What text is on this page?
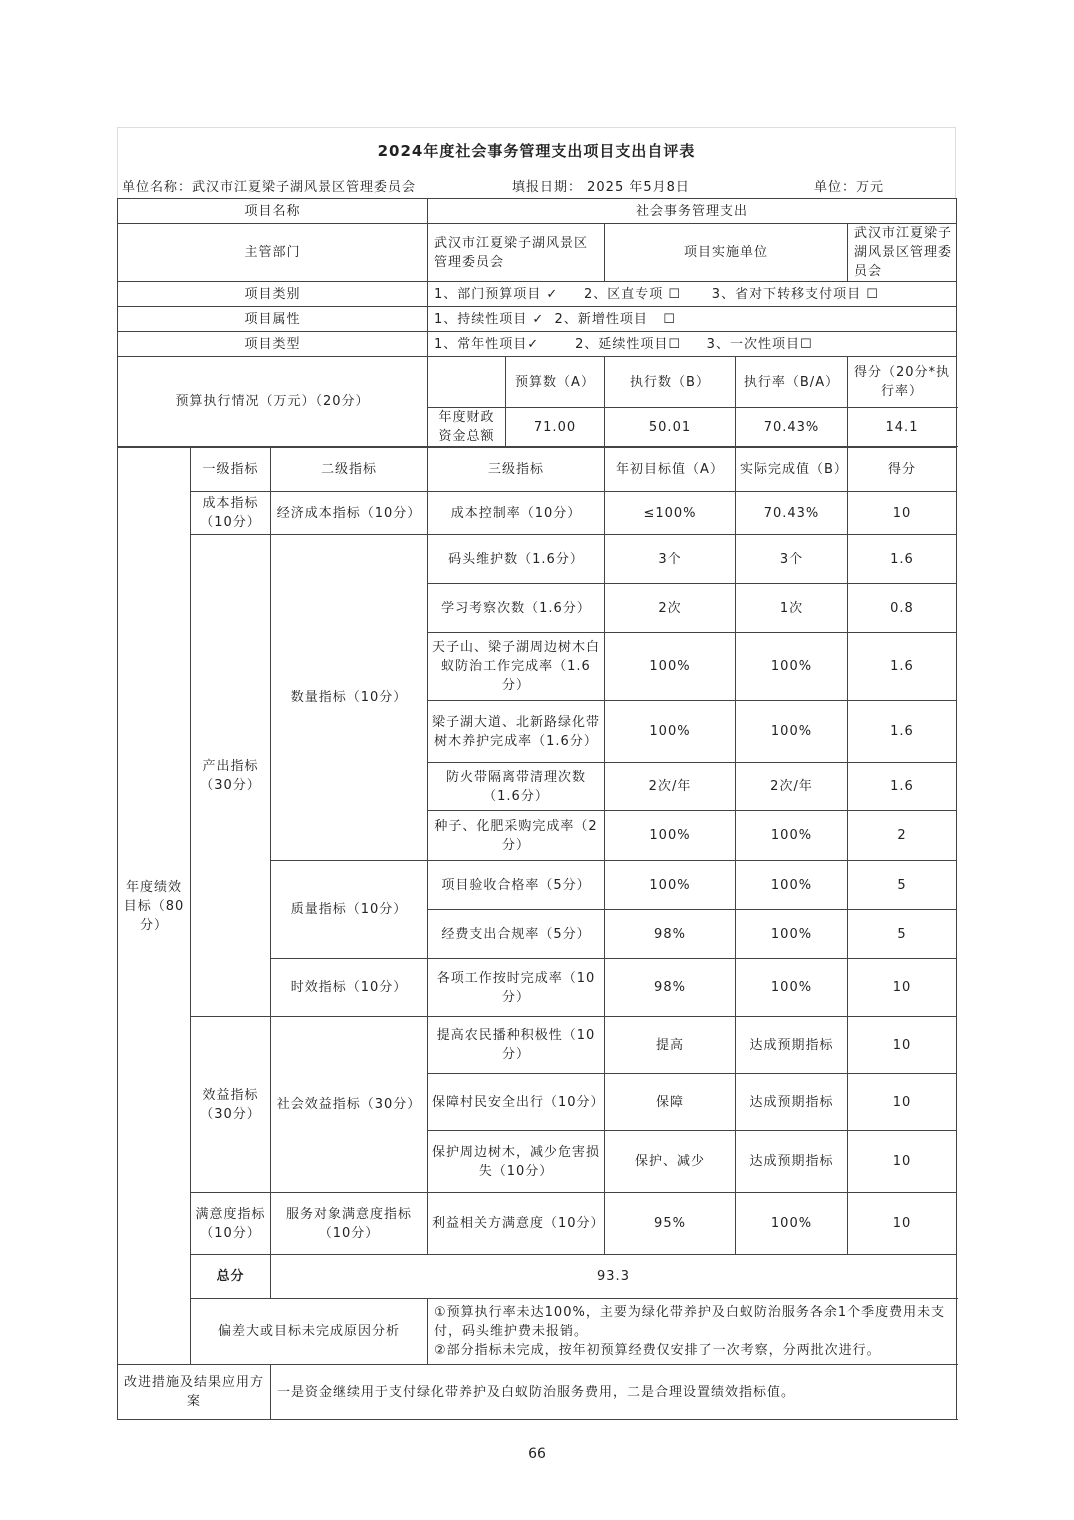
2024年度社会事务管理支出项目支出自评表
单位名称：武汉市江夏梁子湖风景区管理委员会	填报日期： 2025 年5月8日	单位：万元
项目名称	社会事务管理支出				
主管部门	武汉市江夏梁子湖风景区管理委员会		项目实施单位		武汉市江夏梁子湖风景区管理委员会
项目类别	1、部门预算项目 ✓     2、区直专项 ☐      3、省对下转移支付项目 ☐				
项目属性	1、持续性项目 ✓  2、新增性项目   ☐				
项目类型	1、常年性项目✓       2、延续性项目☐     3、一次性项目☐				
预算执行情况（万元）（20分）		预算数（A）	执行数（B）	执行率（B/A）	得分（20分*执行率）
	年度财政资金总额	71.00	50.01	70.43%	14.1
年度绩效目标（80分）	一级指标	二级指标	三级指标	年初目标值（A）	实际完成值（B）	得分
	成本指标（10分）	经济成本指标（10分）	成本控制率（10分）	≤100%	70.43%	10
	产出指标（30分）	数量指标（10分）	码头维护数（1.6分）	3个	3个	1.6
			学习考察次数（1.6分）	2次	1次	0.8
			天子山、梁子湖周边树木白蚁防治工作完成率（1.6分）	100%	100%	1.6
			梁子湖大道、北新路绿化带树木养护完成率（1.6分）	100%	100%	1.6
			防火带隔离带清理次数（1.6分）	2次/年	2次/年	1.6
			种子、化肥采购完成率（2分）	100%	100%	2
		质量指标（10分）	项目验收合格率（5分）	100%	100%	5
			经费支出合规率（5分）	98%	100%	5
		时效指标（10分）	各项工作按时完成率（10分）	98%	100%	10
	效益指标（30分）	社会效益指标（30分）	提高农民播种积极性（10分）	提高	达成预期指标	10
			保障村民安全出行（10分）	保障	达成预期指标	10
			保护周边树木，减少危害损失（10分）	保护、减少	达成预期指标	10
	满意度指标（10分）	服务对象满意度指标（10分）	利益相关方满意度（10分）	95%	100%	10
	总分	93.3				
	偏差大或目标未完成原因分析		①预算执行率未达100%，主要为绿化带养护及白蚁防治服务各余1个季度费用未支付，码头维护费未报销。
②部分指标未完成，按年初预算经费仅安排了一次考察，分两批次进行。			

改进措施及结果应用方案		一是资金继续用于支付绿化带养护及白蚁防治服务费用，二是合理设置绩效指标值。				
66
